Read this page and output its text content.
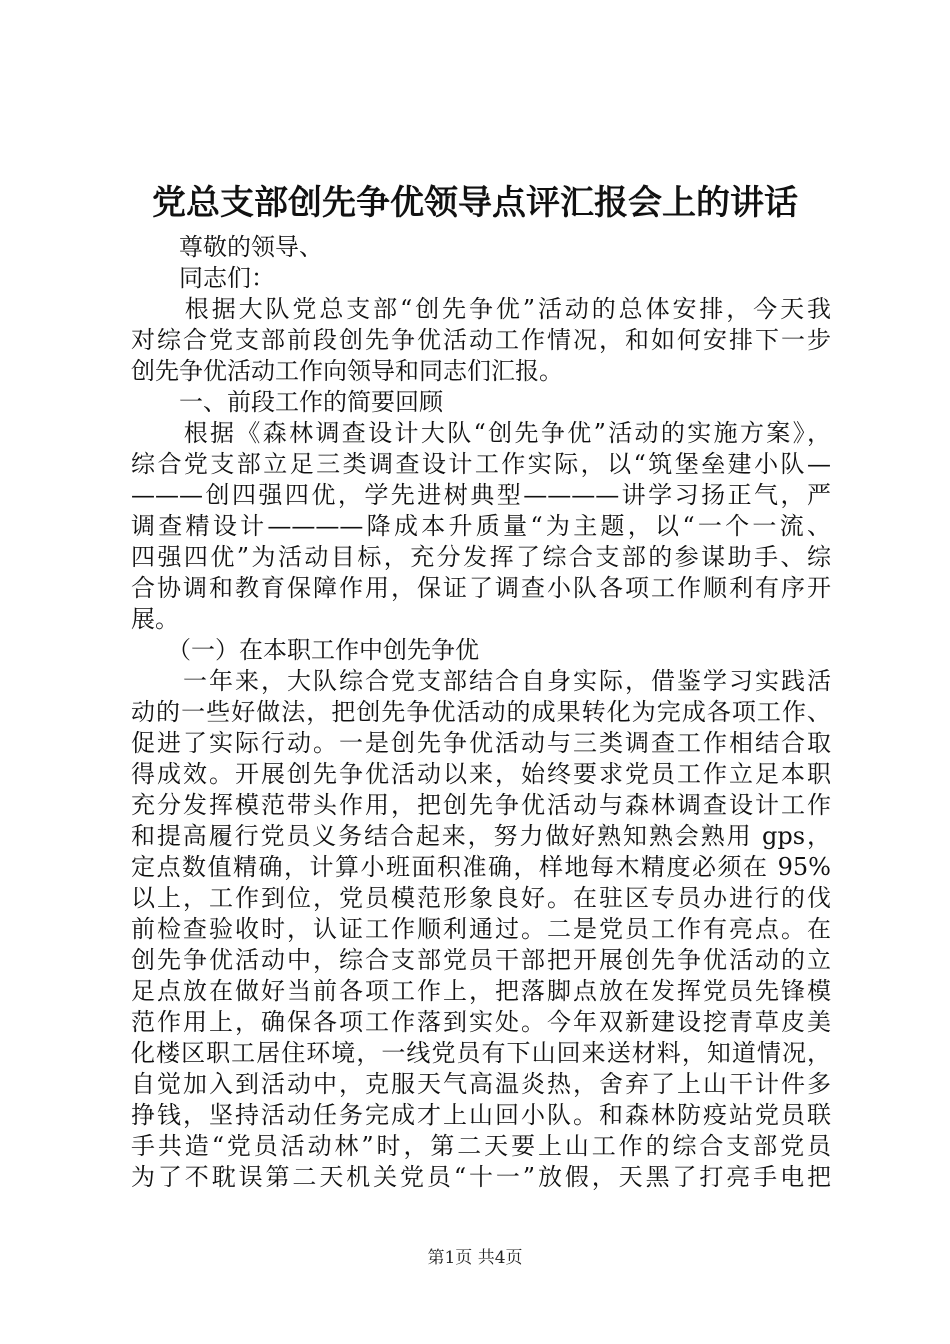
党总支部创先争优领导点评汇报会上的讲话
　　尊敬的领导、
　　同志们：
　　根据大队党总支部“创先争优”活动的总体安排，今天我
对综合党支部前段创先争优活动工作情况，和如何安排下一步
创先争优活动工作向领导和同志们汇报。
　　一、前段工作的简要回顾
　　根据《森林调查设计大队“创先争优”活动的实施方案》，
综合党支部立足三类调查设计工作实际，以“筑堡垒建小队—
———创四强四优，学先进树典型————讲学习扬正气，严
调查精设计————降成本升质量“为主题，以“一个一流、
四强四优”为活动目标，充分发挥了综合支部的参谋助手、综
合协调和教育保障作用，保证了调查小队各项工作顺利有序开
展。
　　（一）在本职工作中创先争优
　　一年来，大队综合党支部结合自身实际，借鉴学习实践活
动的一些好做法，把创先争优活动的成果转化为完成各项工作、
促进了实际行动。一是创先争优活动与三类调查工作相结合取
得成效。开展创先争优活动以来，始终要求党员工作立足本职
充分发挥模范带头作用，把创先争优活动与森林调查设计工作
和提高履行党员义务结合起来，努力做好熟知熟会熟用 gps，
定点数值精确，计算小班面积准确，样地每木精度必须在 95%
以上，工作到位，党员模范形象良好。在驻区专员办进行的伐
前检查验收时，认证工作顺利通过。二是党员工作有亮点。在
创先争优活动中，综合支部党员干部把开展创先争优活动的立
足点放在做好当前各项工作上，把落脚点放在发挥党员先锋模
范作用上，确保各项工作落到实处。今年双新建设挖青草皮美
化楼区职工居住环境，一线党员有下山回来送材料，知道情况，
自觉加入到活动中，克服天气高温炎热，舍弃了上山干计件多
挣钱，坚持活动任务完成才上山回小队。和森林防疫站党员联
手共造“党员活动林”时，第二天要上山工作的综合支部党员
为了不耽误第二天机关党员“十一”放假，天黑了打亮手电把
第1页 共4页
